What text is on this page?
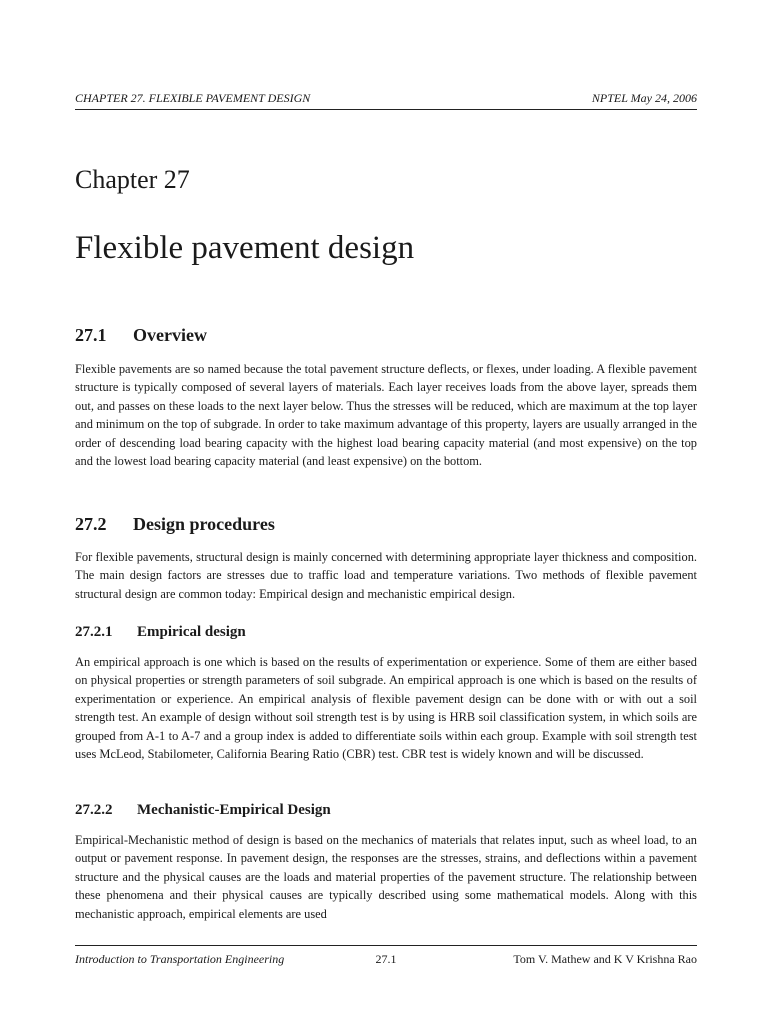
CHAPTER 27. FLEXIBLE PAVEMENT DESIGN	NPTEL May 24, 2006
Chapter 27
Flexible pavement design
27.1 Overview

Flexible pavements are so named because the total pavement structure deflects, or flexes, under loading. A flexible pavement structure is typically composed of several layers of materials. Each layer receives loads from the above layer, spreads them out, and passes on these loads to the next layer below. Thus the stresses will be reduced, which are maximum at the top layer and minimum on the top of subgrade. In order to take maximum advantage of this property, layers are usually arranged in the order of descending load bearing capacity with the highest load bearing capacity material (and most expensive) on the top and the lowest load bearing capacity material (and least expensive) on the bottom.

27.2 Design procedures

For flexible pavements, structural design is mainly concerned with determining appropriate layer thickness and composition. The main design factors are stresses due to traffic load and temperature variations. Two methods of flexible pavement structural design are common today: Empirical design and mechanistic empirical design.

27.2.1 Empirical design

An empirical approach is one which is based on the results of experimentation or experience. Some of them are either based on physical properties or strength parameters of soil subgrade. An empirical approach is one which is based on the results of experimentation or experience. An empirical analysis of flexible pavement design can be done with or with out a soil strength test. An example of design without soil strength test is by using is HRB soil classification system, in which soils are grouped from A-1 to A-7 and a group index is added to differentiate soils within each group. Example with soil strength test uses McLeod, Stabilometer, California Bearing Ratio (CBR) test. CBR test is widely known and will be discussed.

27.2.2 Mechanistic-Empirical Design

Empirical-Mechanistic method of design is based on the mechanics of materials that relates input, such as wheel load, to an output or pavement response. In pavement design, the responses are the stresses, strains, and deflections within a pavement structure and the physical causes are the loads and material properties of the pavement structure. The relationship between these phenomena and their physical causes are typically described using some mathematical models. Along with this mechanistic approach, empirical elements are used

Introduction to Transportation Engineering	27.1	Tom V. Mathew and K V Krishna Rao
